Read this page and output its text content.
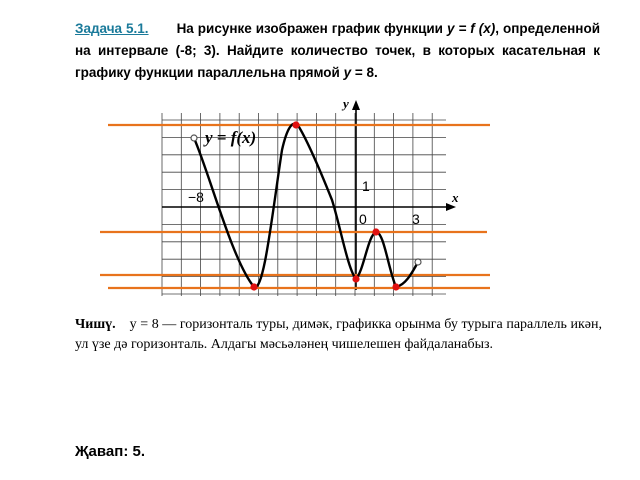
Задача 5.1. На рисунке изображен график функции y = f (x), определенной на интервале (-8; 3). Найдите количество точек, в которых касательная к графику функции параллельна прямой y = 8.
y = f(x)
y
x
−8
1
0	3
Чишү. y = 8 — горизонталь туры, димәк, графикка орынма бу турыга параллель икән, ул үзе дә горизонталь. Алдагы мәсьәләнең чишелешен файдаланабыз.
Җавап: 5.
